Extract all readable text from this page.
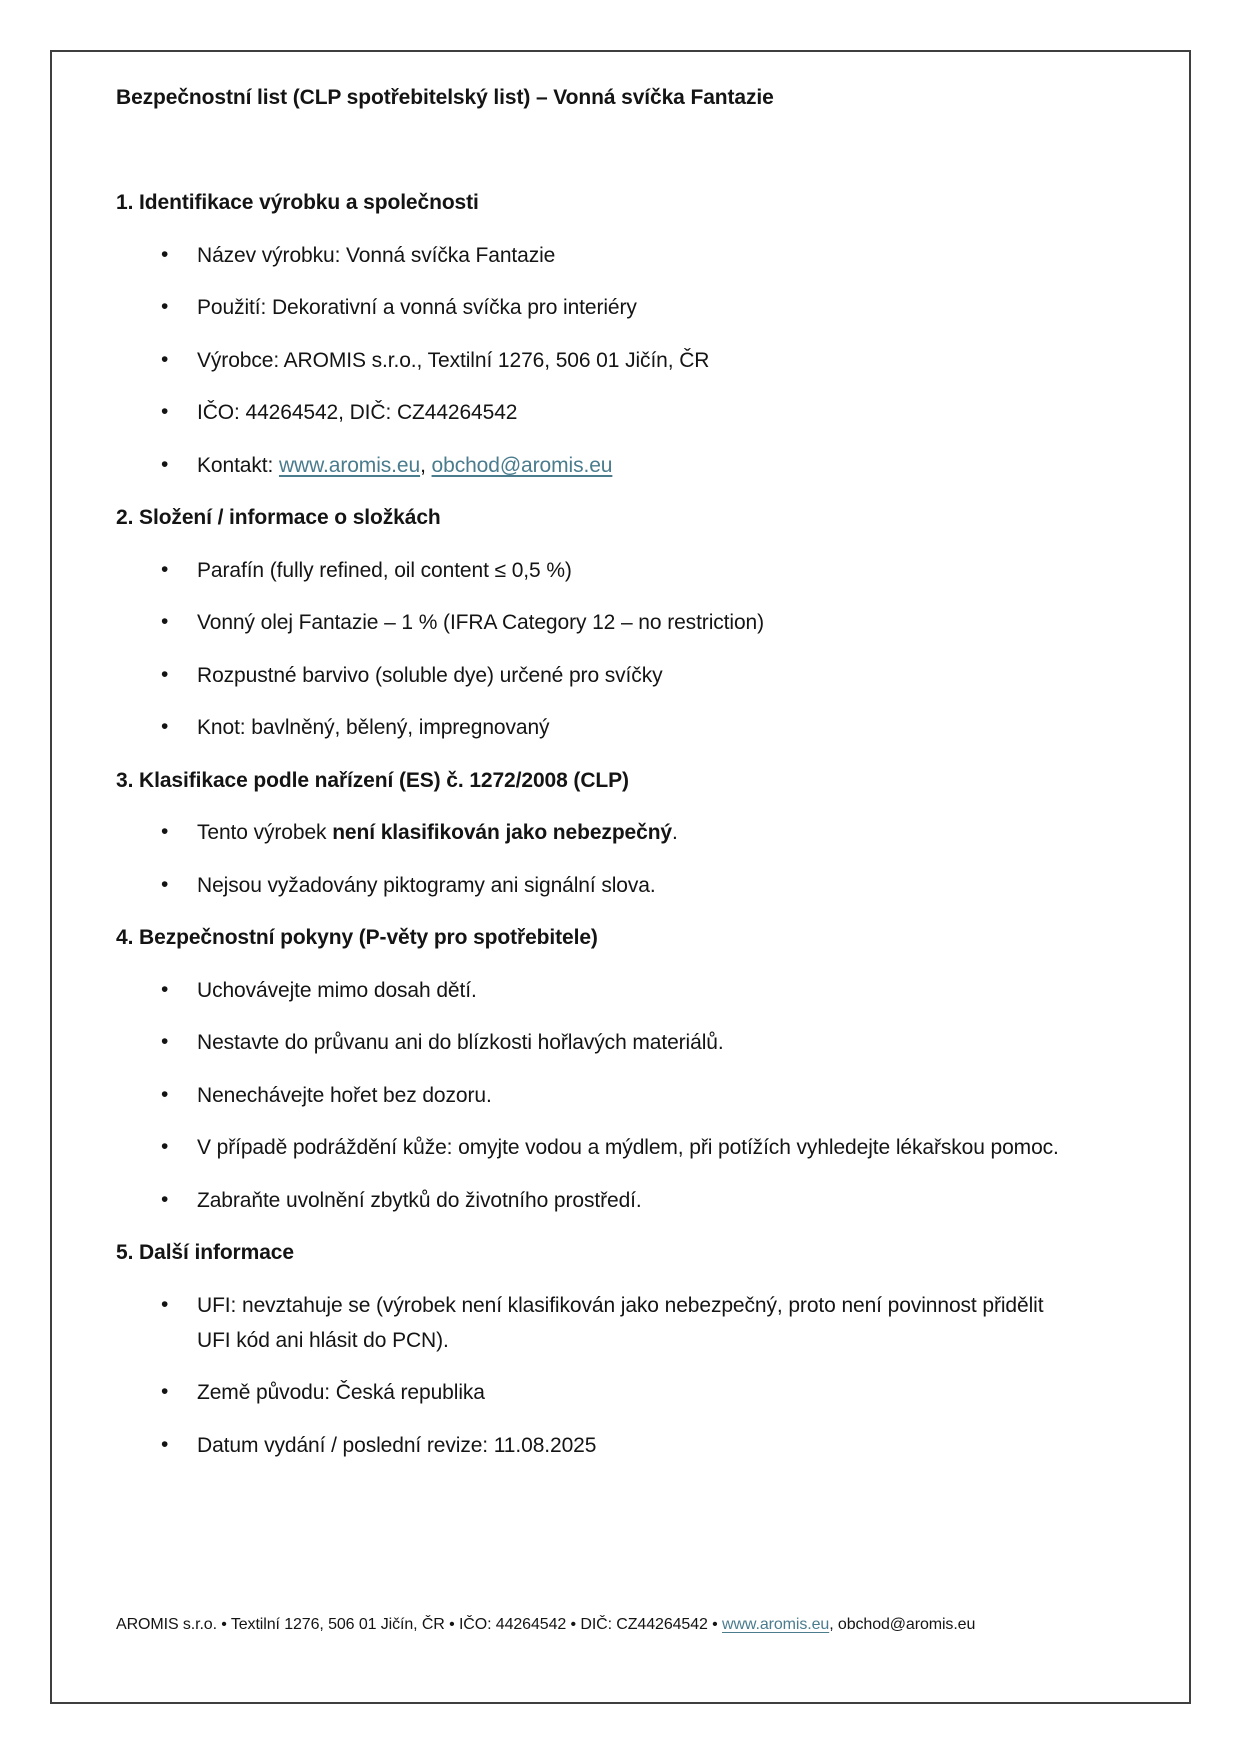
Bezpečnostní list (CLP spotřebitelský list) – Vonná svíčka Fantazie

1. Identifikace výrobku a společnosti

• Název výrobku: Vonná svíčka Fantazie
• Použití: Dekorativní a vonná svíčka pro interiéry
• Výrobce: AROMIS s.r.o., Textilní 1276, 506 01 Jičín, ČR
• IČO: 44264542, DIČ: CZ44264542
• Kontakt: www.aromis.eu, obchod@aromis.eu

2. Složení / informace o složkách

• Parafín (fully refined, oil content ≤ 0,5 %)
• Vonný olej Fantazie – 1 % (IFRA Category 12 – no restriction)
• Rozpustné barvivo (soluble dye) určené pro svíčky
• Knot: bavlněný, bělený, impregnovaný

3. Klasifikace podle nařízení (ES) č. 1272/2008 (CLP)

• Tento výrobek není klasifikován jako nebezpečný.
• Nejsou vyžadovány piktogramy ani signální slova.

4. Bezpečnostní pokyny (P-věty pro spotřebitele)

• Uchovávejte mimo dosah dětí.
• Nestavte do průvanu ani do blízkosti hořlavých materiálů.
• Nenechávejte hořet bez dozoru.
• V případě podráždění kůže: omyjte vodou a mýdlem, při potížích vyhledejte lékařskou pomoc.
• Zabraňte uvolnění zbytků do životního prostředí.

5. Další informace

• UFI: nevztahuje se (výrobek není klasifikován jako nebezpečný, proto není povinnost přidělit UFI kód ani hlásit do PCN).
• Země původu: Česká republika
• Datum vydání / poslední revize: 11.08.2025
AROMIS s.r.o. • Textilní 1276, 506 01 Jičín, ČR • IČO: 44264542 • DIČ: CZ44264542 • www.aromis.eu, obchod@aromis.eu
